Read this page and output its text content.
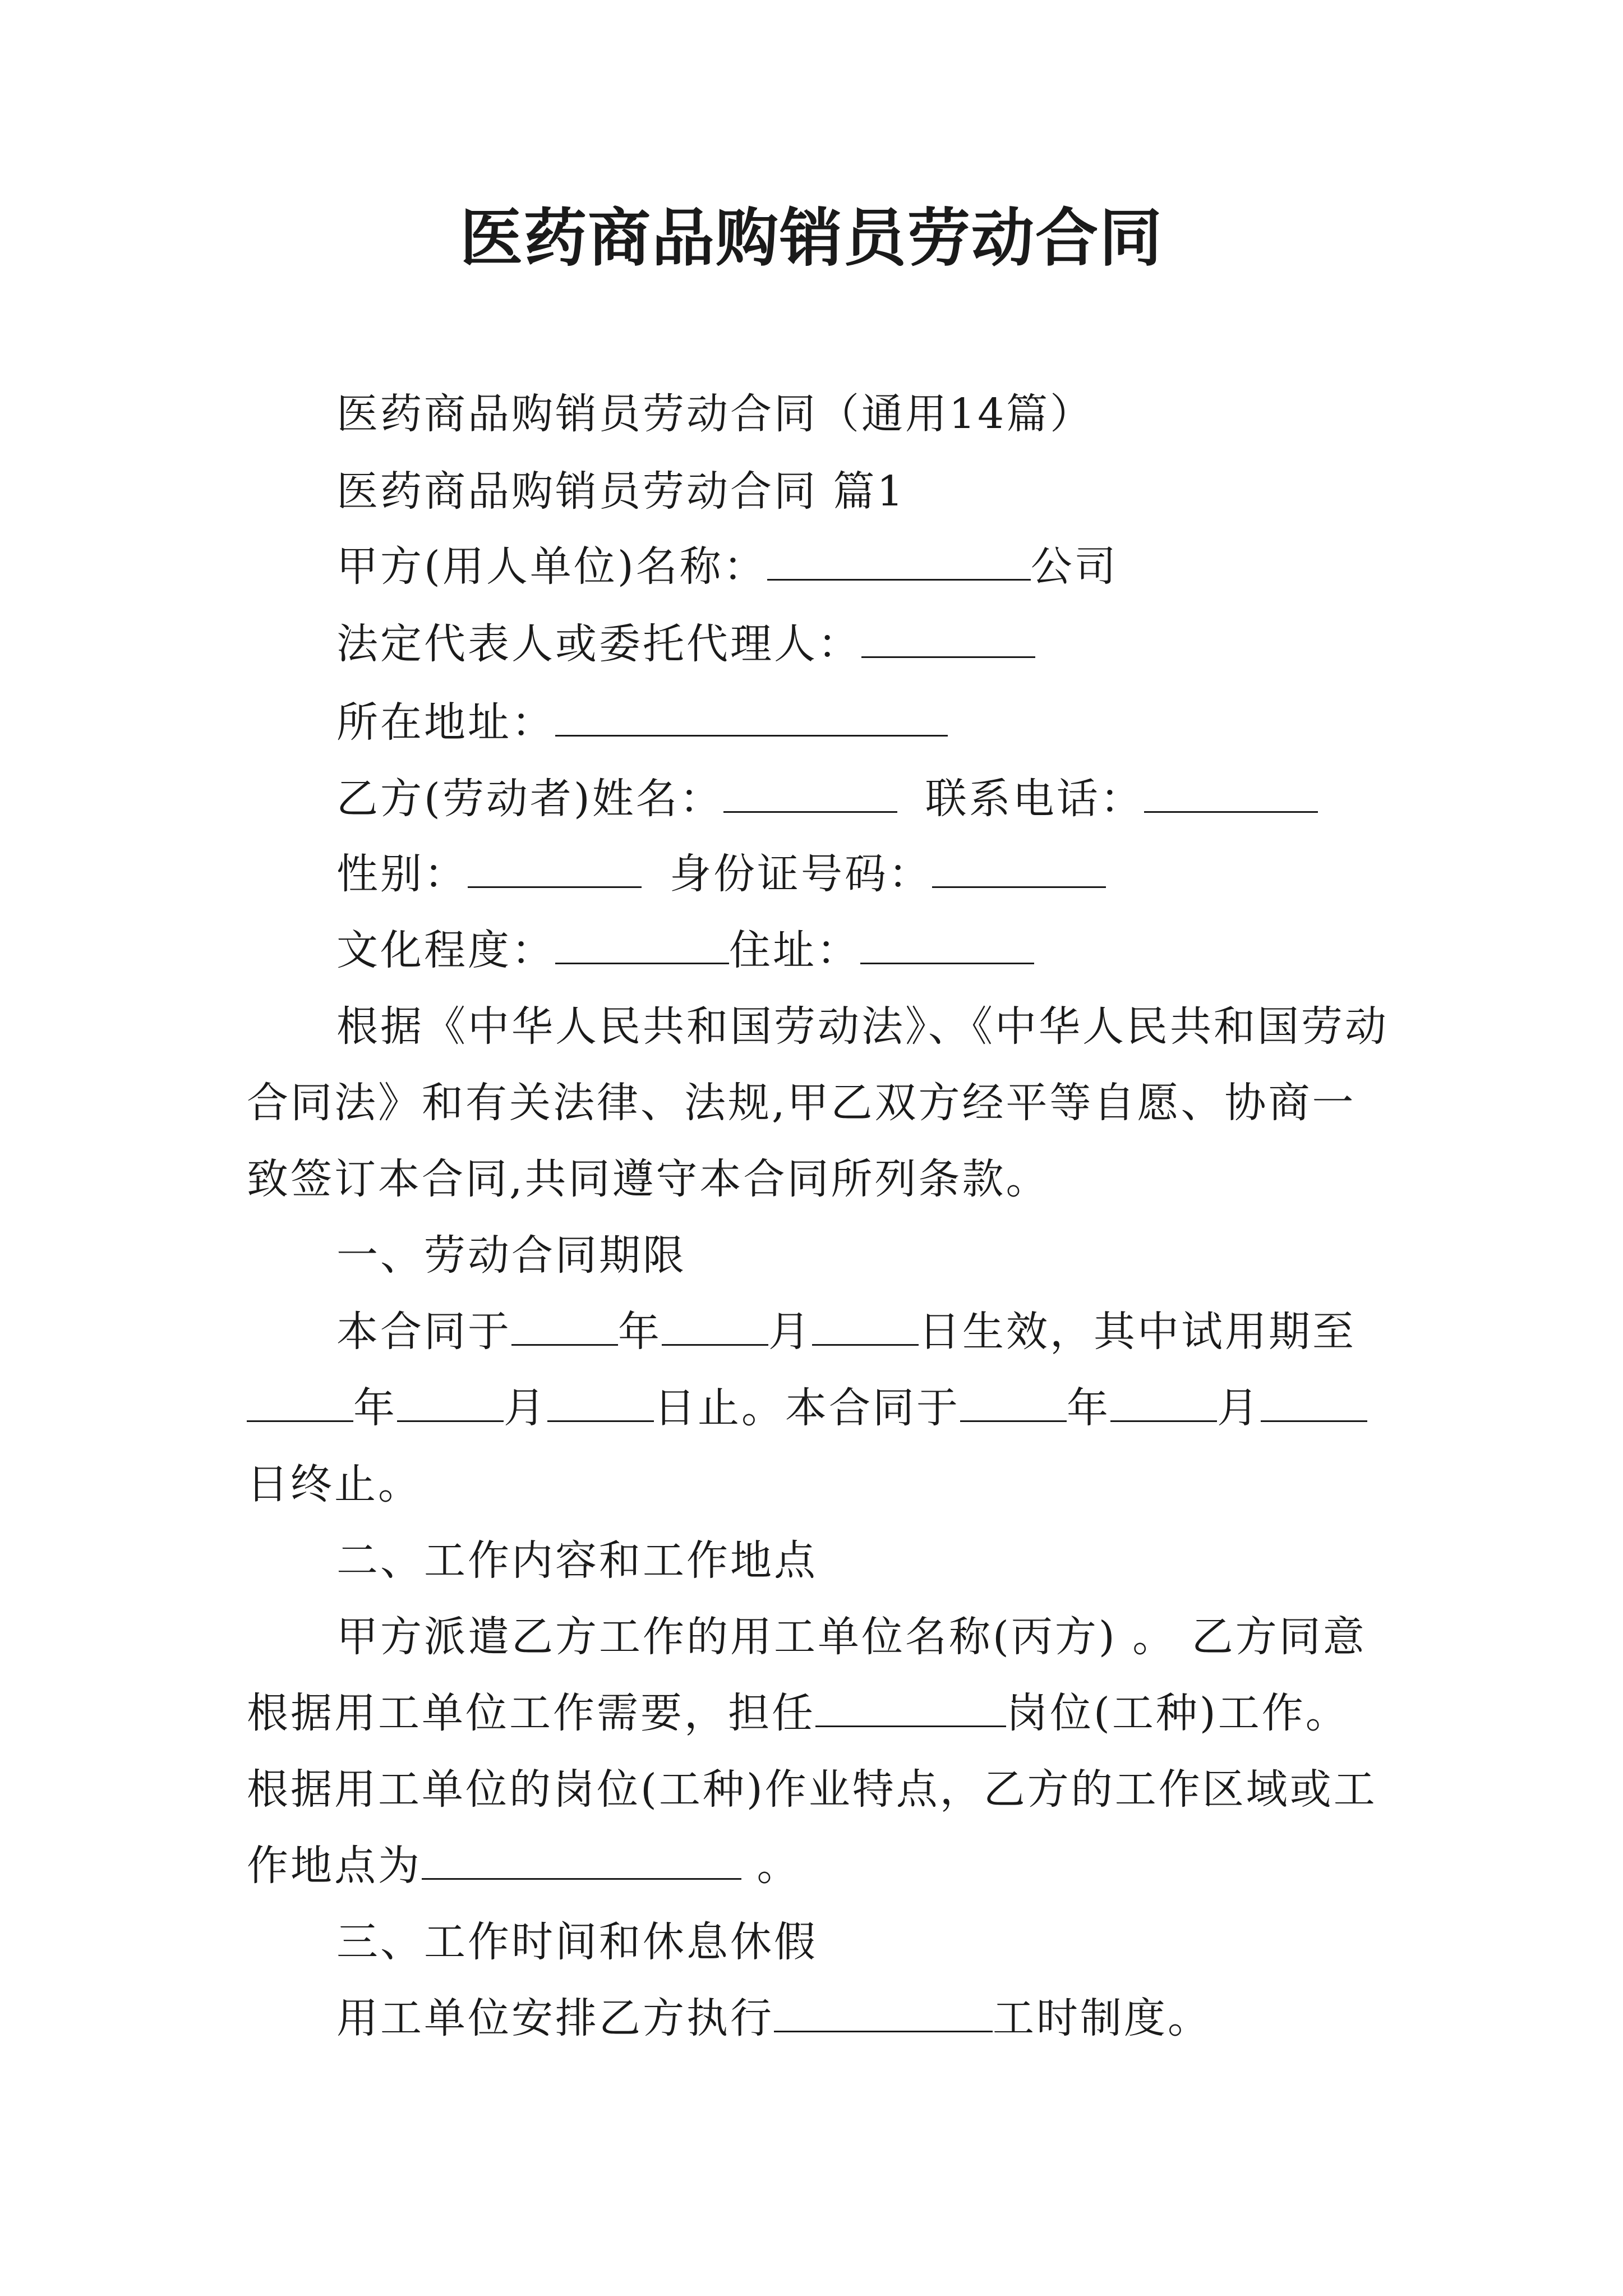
医药商品购销员劳动合同
医药商品购销员劳动合同（通用14篇）
医药商品购销员劳动合同 篇1
甲方(用人单位)名称：	公司
法定代表人或委托代理人：
所在地址：
乙方(劳动者)姓名：	联系电话：
性别：	身份证号码：
文化程度：	住址：
根据《中华人民共和国劳动法》、《中华人民共和国劳动
合同法》和有关法律、法规,甲乙双方经平等自愿、协商一
致签订本合同,共同遵守本合同所列条款。
一、劳动合同期限
本合同于	年	月	日生效，其中试用期至
年	月	日止。本合同于	年	月
日终止。
二、工作内容和工作地点
甲方派遣乙方工作的用工单位名称(丙方) 。 乙方同意
根据用工单位工作需要，担任	岗位(工种)工作。
根据用工单位的岗位(工种)作业特点，乙方的工作区域或工
作地点为	。
三、工作时间和休息休假
用工单位安排乙方执行	工时制度。
